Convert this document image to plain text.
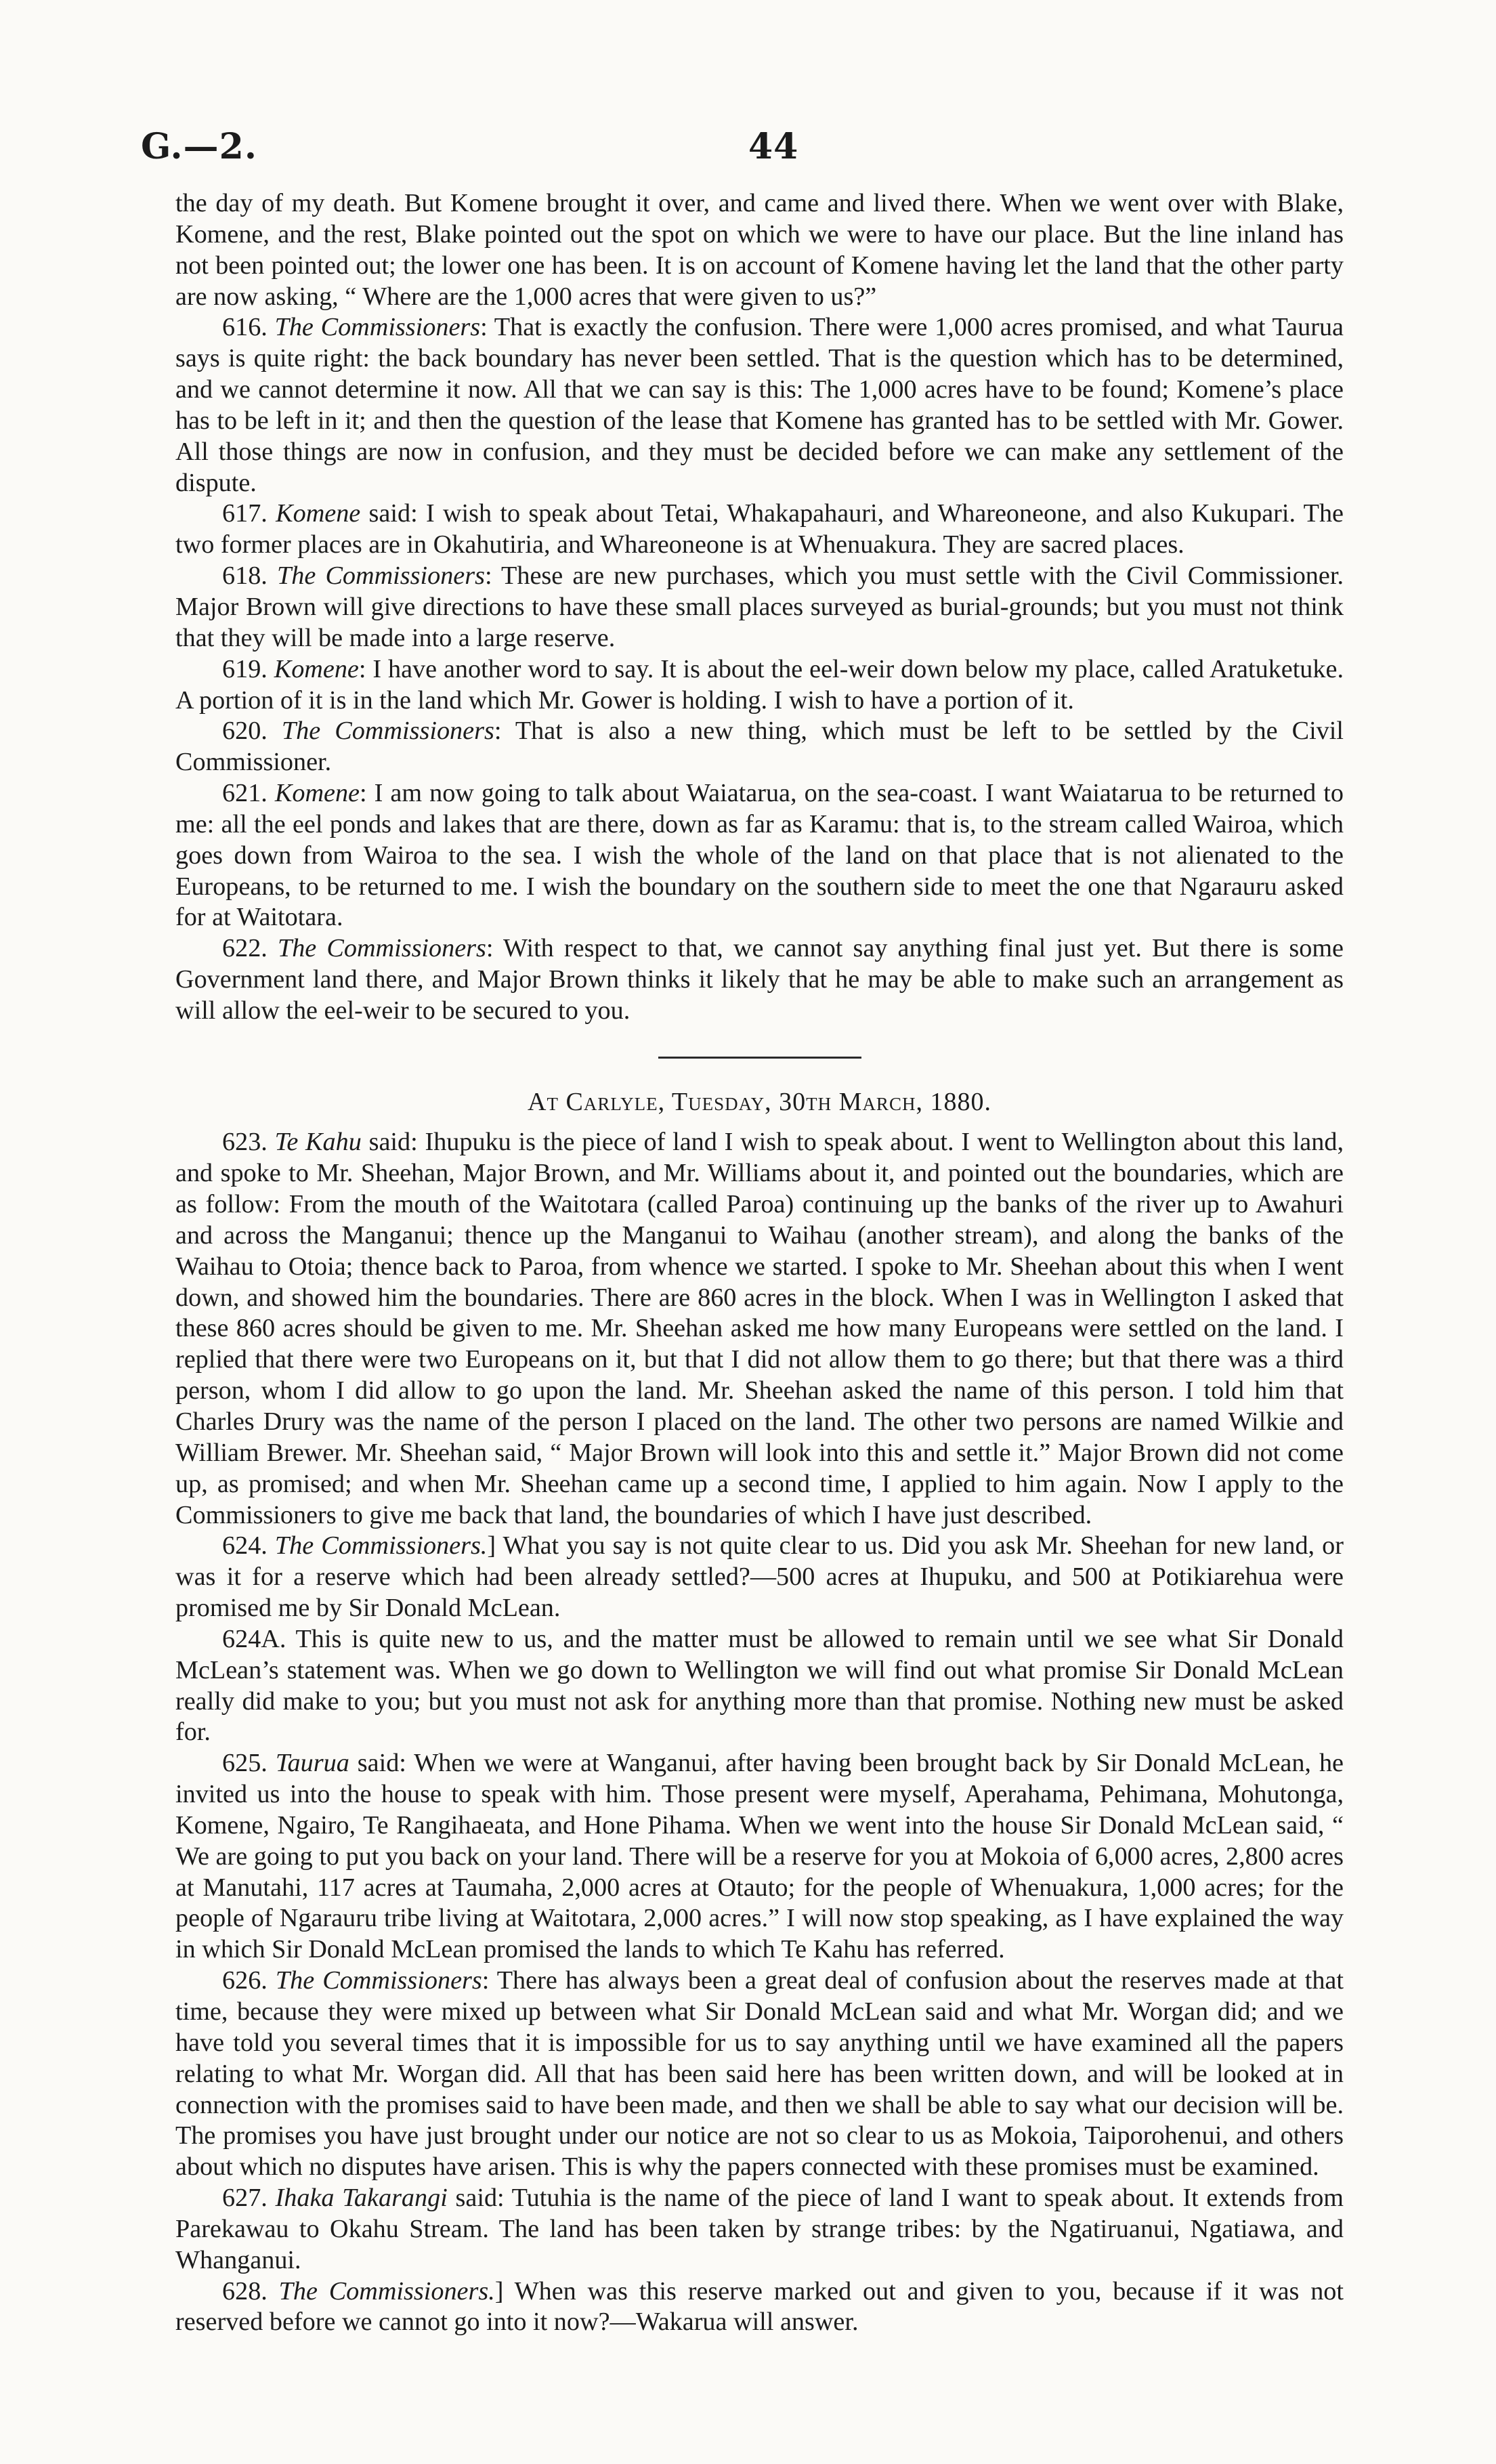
G.—2.	44

the day of my death. But Komene brought it over, and came and lived there. When we went over with Blake, Komene, and the rest, Blake pointed out the spot on which we were to have our place. But the line inland has not been pointed out; the lower one has been. It is on account of Komene having let the land that the other party are now asking, “ Where are the 1,000 acres that were given to us?”

616. The Commissioners: That is exactly the confusion. There were 1,000 acres promised, and what Taurua says is quite right: the back boundary has never been settled. That is the question which has to be determined, and we cannot determine it now. All that we can say is this: The 1,000 acres have to be found; Komene’s place has to be left in it; and then the question of the lease that Komene has granted has to be settled with Mr. Gower. All those things are now in confusion, and they must be decided before we can make any settlement of the dispute.

617. Komene said: I wish to speak about Tetai, Whakapahauri, and Whareoneone, and also Kukupari. The two former places are in Okahutiria, and Whareoneone is at Whenuakura. They are sacred places.

618. The Commissioners: These are new purchases, which you must settle with the Civil Commissioner. Major Brown will give directions to have these small places surveyed as burial-grounds; but you must not think that they will be made into a large reserve.

619. Komene: I have another word to say. It is about the eel-weir down below my place, called Aratuketuke. A portion of it is in the land which Mr. Gower is holding. I wish to have a portion of it.

620. The Commissioners: That is also a new thing, which must be left to be settled by the Civil Commissioner.

621. Komene: I am now going to talk about Waiatarua, on the sea-coast. I want Waiatarua to be returned to me: all the eel ponds and lakes that are there, down as far as Karamu: that is, to the stream called Wairoa, which goes down from Wairoa to the sea. I wish the whole of the land on that place that is not alienated to the Europeans, to be returned to me. I wish the boundary on the southern side to meet the one that Ngarauru asked for at Waitotara.

622. The Commissioners: With respect to that, we cannot say anything final just yet. But there is some Government land there, and Major Brown thinks it likely that he may be able to make such an arrangement as will allow the eel-weir to be secured to you.

At Carlyle, Tuesday, 30th March, 1880.

623. Te Kahu said: Ihupuku is the piece of land I wish to speak about. I went to Wellington about this land, and spoke to Mr. Sheehan, Major Brown, and Mr. Williams about it, and pointed out the boundaries, which are as follow: From the mouth of the Waitotara (called Paroa) continuing up the banks of the river up to Awahuri and across the Manganui; thence up the Manganui to Waihau (another stream), and along the banks of the Waihau to Otoia; thence back to Paroa, from whence we started. I spoke to Mr. Sheehan about this when I went down, and showed him the boundaries. There are 860 acres in the block. When I was in Wellington I asked that these 860 acres should be given to me. Mr. Sheehan asked me how many Europeans were settled on the land. I replied that there were two Europeans on it, but that I did not allow them to go there; but that there was a third person, whom I did allow to go upon the land. Mr. Sheehan asked the name of this person. I told him that Charles Drury was the name of the person I placed on the land. The other two persons are named Wilkie and William Brewer. Mr. Sheehan said, “ Major Brown will look into this and settle it.” Major Brown did not come up, as promised; and when Mr. Sheehan came up a second time, I applied to him again. Now I apply to the Commissioners to give me back that land, the boundaries of which I have just described.

624. The Commissioners.] What you say is not quite clear to us. Did you ask Mr. Sheehan for new land, or was it for a reserve which had been already settled?—500 acres at Ihupuku, and 500 at Potikiarehua were promised me by Sir Donald McLean.

624A. This is quite new to us, and the matter must be allowed to remain until we see what Sir Donald McLean’s statement was. When we go down to Wellington we will find out what promise Sir Donald McLean really did make to you; but you must not ask for anything more than that promise. Nothing new must be asked for.

625. Taurua said: When we were at Wanganui, after having been brought back by Sir Donald McLean, he invited us into the house to speak with him. Those present were myself, Aperahama, Pehimana, Mohutonga, Komene, Ngairo, Te Rangihaeata, and Hone Pihama. When we went into the house Sir Donald McLean said, “ We are going to put you back on your land. There will be a reserve for you at Mokoia of 6,000 acres, 2,800 acres at Manutahi, 117 acres at Taumaha, 2,000 acres at Otauto; for the people of Whenuakura, 1,000 acres; for the people of Ngarauru tribe living at Waitotara, 2,000 acres.” I will now stop speaking, as I have explained the way in which Sir Donald McLean promised the lands to which Te Kahu has referred.

626. The Commissioners: There has always been a great deal of confusion about the reserves made at that time, because they were mixed up between what Sir Donald McLean said and what Mr. Worgan did; and we have told you several times that it is impossible for us to say anything until we have examined all the papers relating to what Mr. Worgan did. All that has been said here has been written down, and will be looked at in connection with the promises said to have been made, and then we shall be able to say what our decision will be. The promises you have just brought under our notice are not so clear to us as Mokoia, Taiporohenui, and others about which no disputes have arisen. This is why the papers connected with these promises must be examined.

627. Ihaka Takarangi said: Tutuhia is the name of the piece of land I want to speak about. It extends from Parekawau to Okahu Stream. The land has been taken by strange tribes: by the Ngatiruanui, Ngatiawa, and Whanganui.

628. The Commissioners.] When was this reserve marked out and given to you, because if it was not reserved before we cannot go into it now?—Wakarua will answer.
